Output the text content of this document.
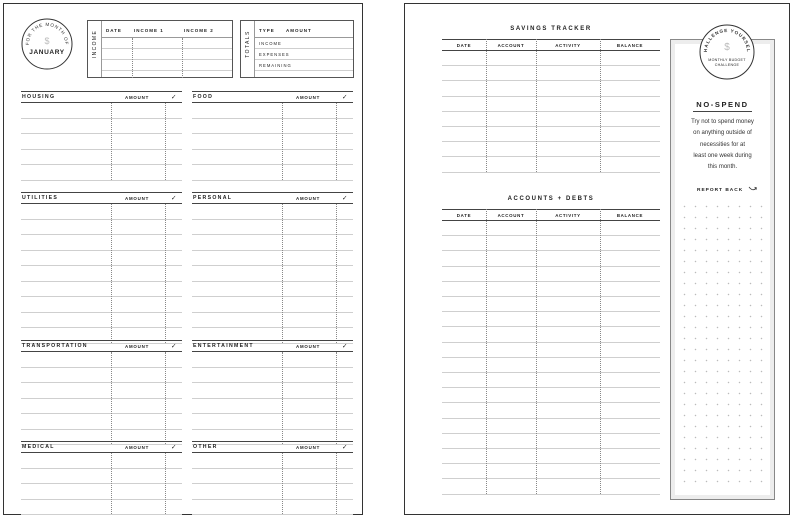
FOR THE MONTH OF
$
JANUARY	INCOME DATE	INCOME 1	INCOME 2	TOTALS TYPE AMOUNT
INCOME
EXPENSES
REMAINING
HOUSING	AMOUNT	✓	FOOD	AMOUNT	✓
UTILITIES	AMOUNT	✓	PERSONAL	AMOUNT	✓
TRANSPORTATION	AMOUNT	✓	ENTERTAINMENT	AMOUNT	✓
MEDICAL	AMOUNT	✓	OTHER	AMOUNT	✓
SAVINGS TRACKER
DATE	ACCOUNT	ACTIVITY	BALANCE
ACCOUNTS + DEBTS
DATE	ACCOUNT	ACTIVITY	BALANCE
HALLENGE YOURSEL
$
MONTHLY BUDGET
CHALLENGE
NO-SPEND
Try not to spend money
on anything outside of
necessities for at
least one week during
this month.
REPORT BACK
